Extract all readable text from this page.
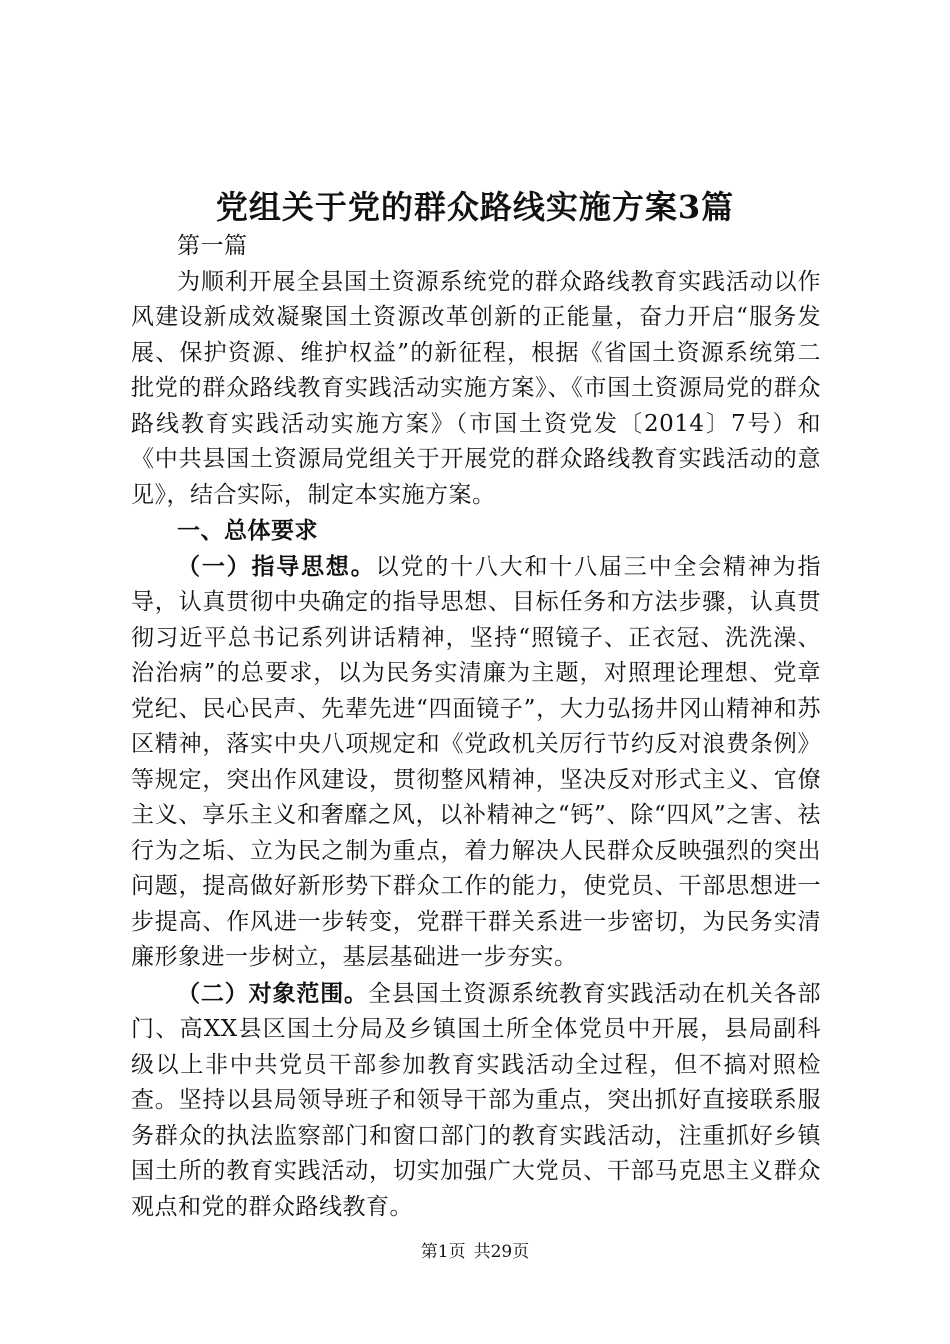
党组关于党的群众路线实施方案3篇

第一篇

为顺利开展全县国土资源系统党的群众路线教育实践活动以作风建设新成效凝聚国土资源改革创新的正能量，奋力开启“服务发展、保护资源、维护权益”的新征程，根据《省国土资源系统第二批党的群众路线教育实践活动实施方案》、《市国土资源局党的群众路线教育实践活动实施方案》（市国土资党发〔2014〕7号）和《中共县国土资源局党组关于开展党的群众路线教育实践活动的意见》，结合实际，制定本实施方案。

一、总体要求

（一）指导思想。以党的十八大和十八届三中全会精神为指导，认真贯彻中央确定的指导思想、目标任务和方法步骤，认真贯彻习近平总书记系列讲话精神，坚持“照镜子、正衣冠、洗洗澡、治治病”的总要求，以为民务实清廉为主题，对照理论理想、党章党纪、民心民声、先辈先进“四面镜子”，大力弘扬井冈山精神和苏区精神，落实中央八项规定和《党政机关厉行节约反对浪费条例》等规定，突出作风建设，贯彻整风精神，坚决反对形式主义、官僚主义、享乐主义和奢靡之风，以补精神之“钙”、除“四风”之害、祛行为之垢、立为民之制为重点，着力解决人民群众反映强烈的突出问题，提高做好新形势下群众工作的能力，使党员、干部思想进一步提高、作风进一步转变，党群干群关系进一步密切，为民务实清廉形象进一步树立，基层基础进一步夯实。

（二）对象范围。全县国土资源系统教育实践活动在机关各部门、高XX县区国土分局及乡镇国土所全体党员中开展，县局副科级以上非中共党员干部参加教育实践活动全过程，但不搞对照检查。坚持以县局领导班子和领导干部为重点，突出抓好直接联系服务群众的执法监察部门和窗口部门的教育实践活动，注重抓好乡镇国土所的教育实践活动，切实加强广大党员、干部马克思主义群众观点和党的群众路线教育。

第1页 共29页
